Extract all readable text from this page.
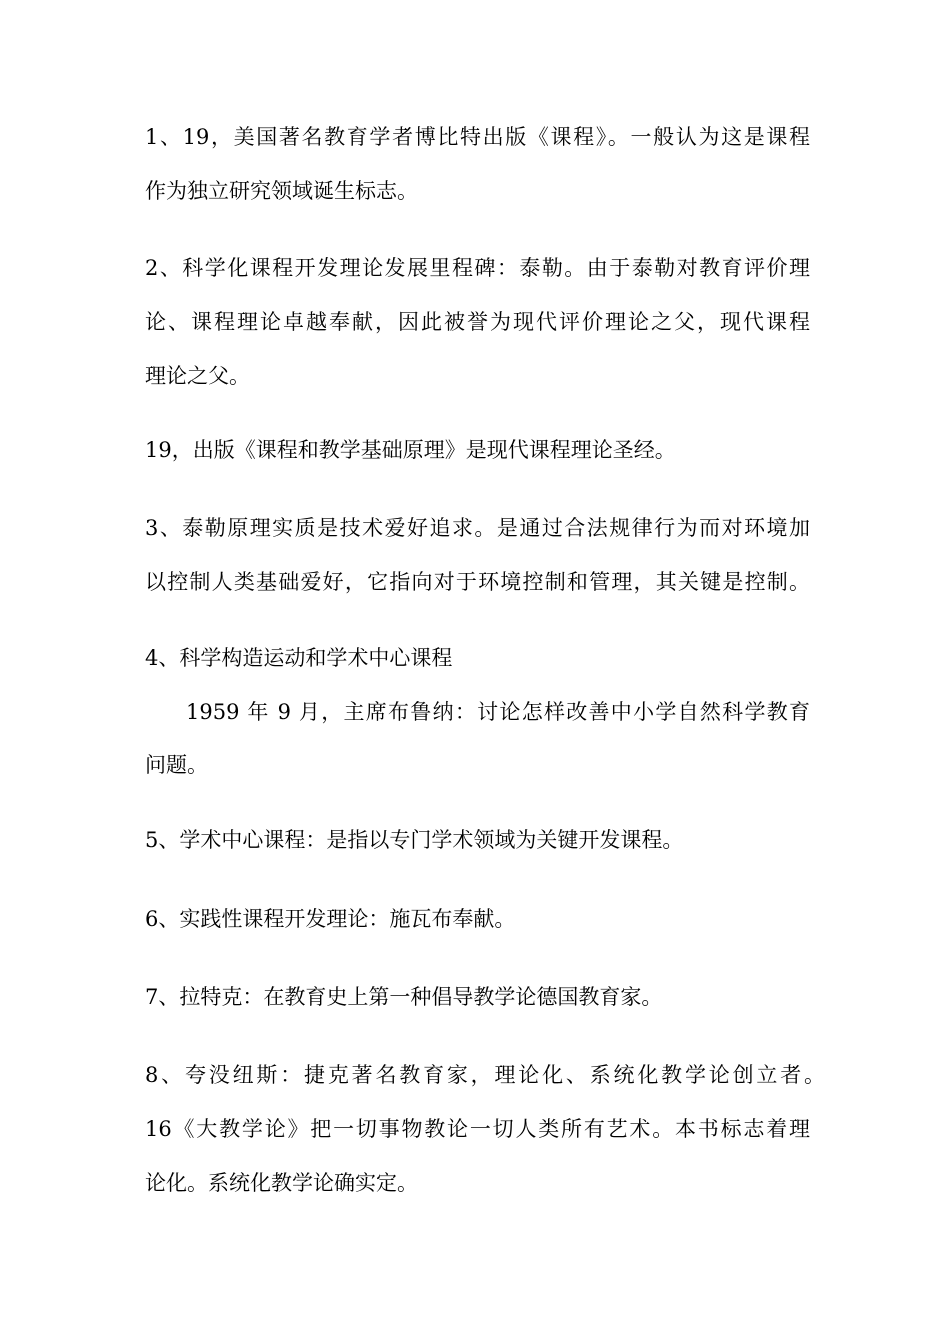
1、19，美国著名教育学者博比特出版《课程》。一般认为这是课程
作为独立研究领域诞生标志。
2、科学化课程开发理论发展里程碑：泰勒。由于泰勒对教育评价理
论、课程理论卓越奉献，因此被誉为现代评价理论之父，现代课程
理论之父。
19，出版《课程和教学基础原理》是现代课程理论圣经。
3、泰勒原理实质是技术爱好追求。是通过合法规律行为而对环境加
以控制人类基础爱好，它指向对于环境控制和管理，其关键是控制。
4、科学构造运动和学术中心课程
1959 年 9 月，主席布鲁纳：讨论怎样改善中小学自然科学教育
问题。
5、学术中心课程：是指以专门学术领域为关键开发课程。
6、实践性课程开发理论：施瓦布奉献。
7、拉特克：在教育史上第一种倡导教学论德国教育家。
8、夸没纽斯：捷克著名教育家，理论化、系统化教学论创立者。
16《大教学论》把一切事物教论一切人类所有艺术。本书标志着理
论化。系统化教学论确实定。
